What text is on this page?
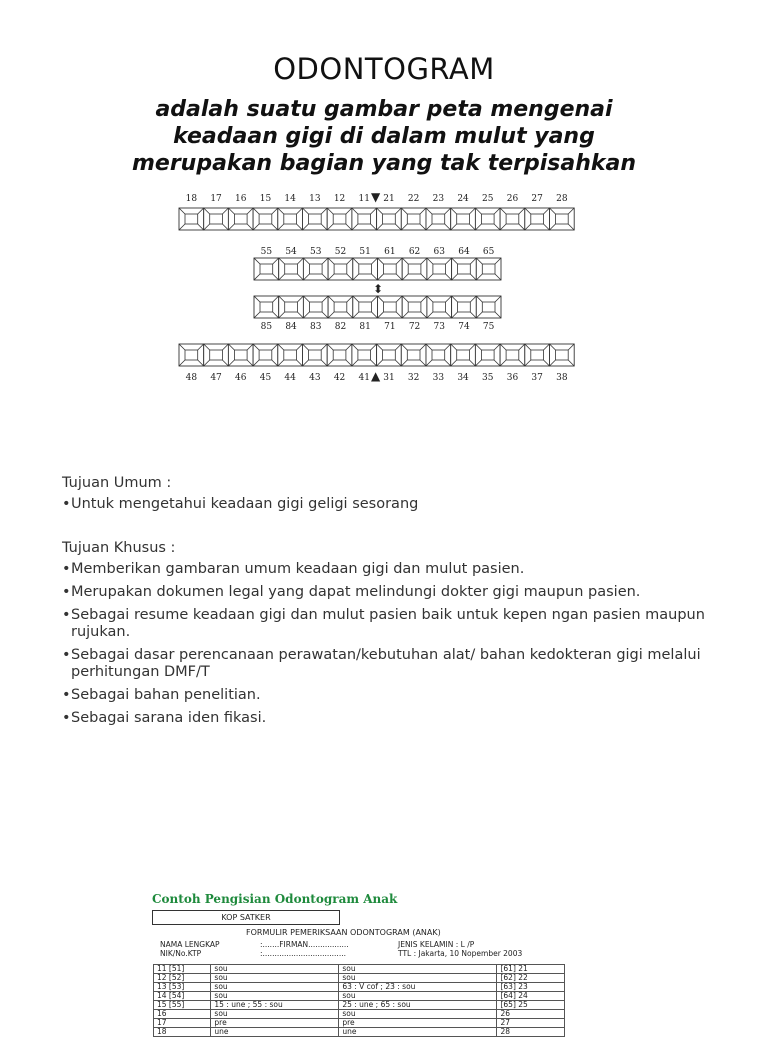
ODONTOGRAM
adalah suatu gambar peta mengenai keadaan gigi di dalam mulut yang merupakan bagian yang tak terpisahkan
18 17 16 15 14 13 12 11 21 22 23 24 25 26 27 28
▼
55 54 53 52 51 61 62 63 64 65
85 84 83 82 81 71 72 73 74 75
48 47 46 45 44 43 42 41 31 32 33 34 35 36 37 38
▲
⬍

Tujuan Umum :

• Untuk mengetahui keadaan gigi geligi sesorang

Tujuan Khusus :

• Memberikan gambaran umum keadaan gigi dan mulut pasien.
• Merupakan dokumen legal yang dapat melindungi dokter gigi maupun pasien.
• Sebagai resume keadaan gigi dan mulut pasien baik untuk kepen ngan pasien maupun rujukan.
• Sebagai dasar perencanaan perawatan/kebutuhan alat/ bahan kedokteran gigi melalui perhitungan DMF/T
• Sebagai bahan penelitian.
• Sebagai sarana iden fikasi.
Contoh Pengisian Odontogram Anak
KOP SATKER
FORMULIR PEMERIKSAAN ODONTOGRAM (ANAK)
NAMA LENGKAP	:.......FIRMAN.................	JENIS KELAMIN : L /P
NIK/No.KTP	:...................................	TTL : Jakarta, 10 Nopember 2003
11 [51]	sou	sou	[61] 21
12 [52]	sou	sou	[62] 22
13 [53]	sou	63 : V cof ; 23 : sou	[63] 23
14 [54]	sou	sou	[64] 24
15 [55]	15 : une ; 55 : sou	25 : une ; 65 : sou	[65] 25
16	sou	sou	26
17	pre	pre	27
18	une	une	28
